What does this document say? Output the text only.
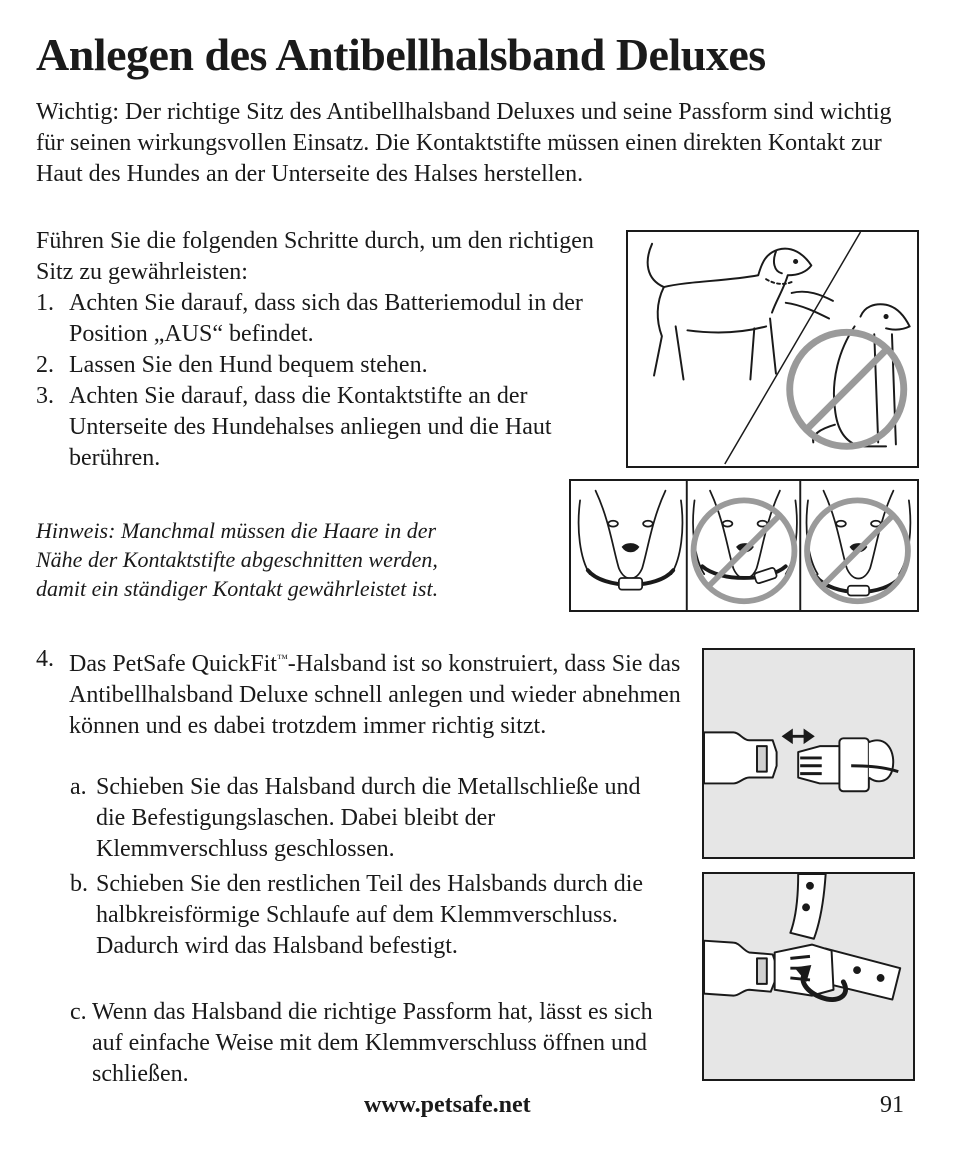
Anlegen des Antibellhalsband Deluxes

Wichtig: Der richtige Sitz des Antibellhalsband Deluxes und seine Passform sind wichtig für seinen wirkungsvollen Einsatz. Die Kontaktstifte müssen einen direkten Kontakt zur Haut des Hundes an der Unterseite des Halses herstellen.

Führen Sie die folgenden Schritte durch, um den richtigen Sitz zu gewährleisten:

1. Achten Sie darauf, dass sich das Batteriemodul in der Position „AUS“ befindet.
2. Lassen Sie den Hund bequem stehen.
3. Achten Sie darauf, dass die Kontaktstifte an der Unterseite des Hundehalses anliegen und die Haut berühren.

Hinweis: Manchmal müssen die Haare in der Nähe der Kontaktstifte abgeschnitten werden, damit ein ständiger Kontakt gewährleistet ist.

4. Das PetSafe QuickFit™-Halsband ist so konstruiert, dass Sie das Antibellhalsband Deluxe schnell anlegen und wieder abnehmen können und es dabei trotzdem immer richtig sitzt.
a. Schieben Sie das Halsband durch die Metallschließe und die Befestigungslaschen. Dabei bleibt der Klemmverschluss geschlossen.
b. Schieben Sie den restlichen Teil des Halsbands durch die halbkreisförmige Schlaufe auf dem Klemmverschluss. Dadurch wird das Halsband befestigt.
c. Wenn das Halsband die richtige Passform hat, lässt es sich auf einfache Weise mit dem Klemmverschluss öffnen und schließen.
www.petsafe.net	91
